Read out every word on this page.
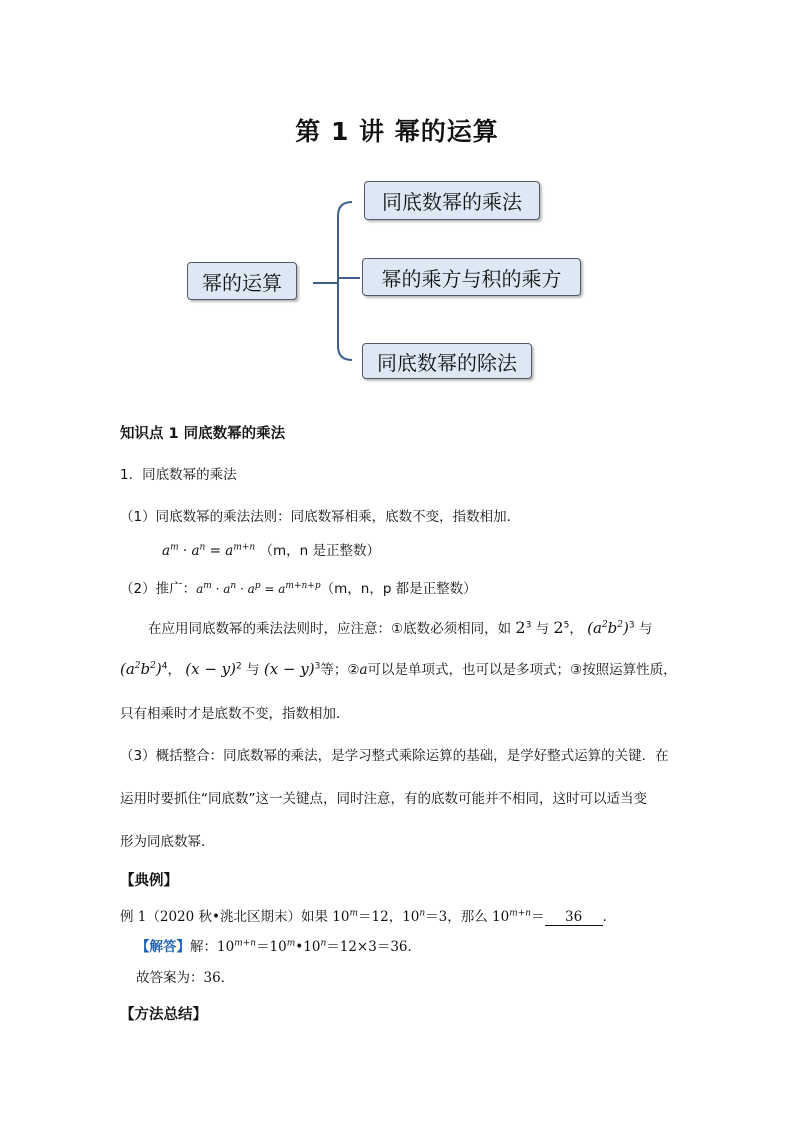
第 1 讲 幂的运算
幂的运算
同底数幂的乘法
幂的乘方与积的乘方
同底数幂的除法
知识点 1 同底数幂的乘法
1．同底数幂的乘法
（1）同底数幂的乘法法则：同底数幂相乘，底数不变，指数相加．
$a^m \cdot a^n = a^{m+n}$ （m，n 是正整数）
（2）推广：$a^m \cdot a^n \cdot a^p = a^{m+n+p}(m$，n，p 都是正整数）
在应用同底数幂的乘法法则时，应注意：①底数必须相同，如 $2^3$ 与 $2^5$， $(a^2b^2)^3$ 与
$(a^2b^2)^4$， $(x - y)^2$ 与 $(x - y)^3$等；②a可以是单项式，也可以是多项式；③按照运算性质，
只有相乘时才是底数不变，指数相加．
（3）概括整合：同底数幂的乘法，是学习整式乘除运算的基础，是学好整式运算的关键．在
运用时要抓住“同底数”这一关键点，同时注意，有的底数可能并不相同，这时可以适当变
形为同底数幂．
【典例】
例 1（2020 秋•洮北区期末）如果 $10^m=12$，$10^n=3$，那么 $10^{m+n}= 36$ ．
【解答】解：$10^{m+n}=10^m•10^n=12\times 3=36$．
故答案为：36．
【方法总结】
